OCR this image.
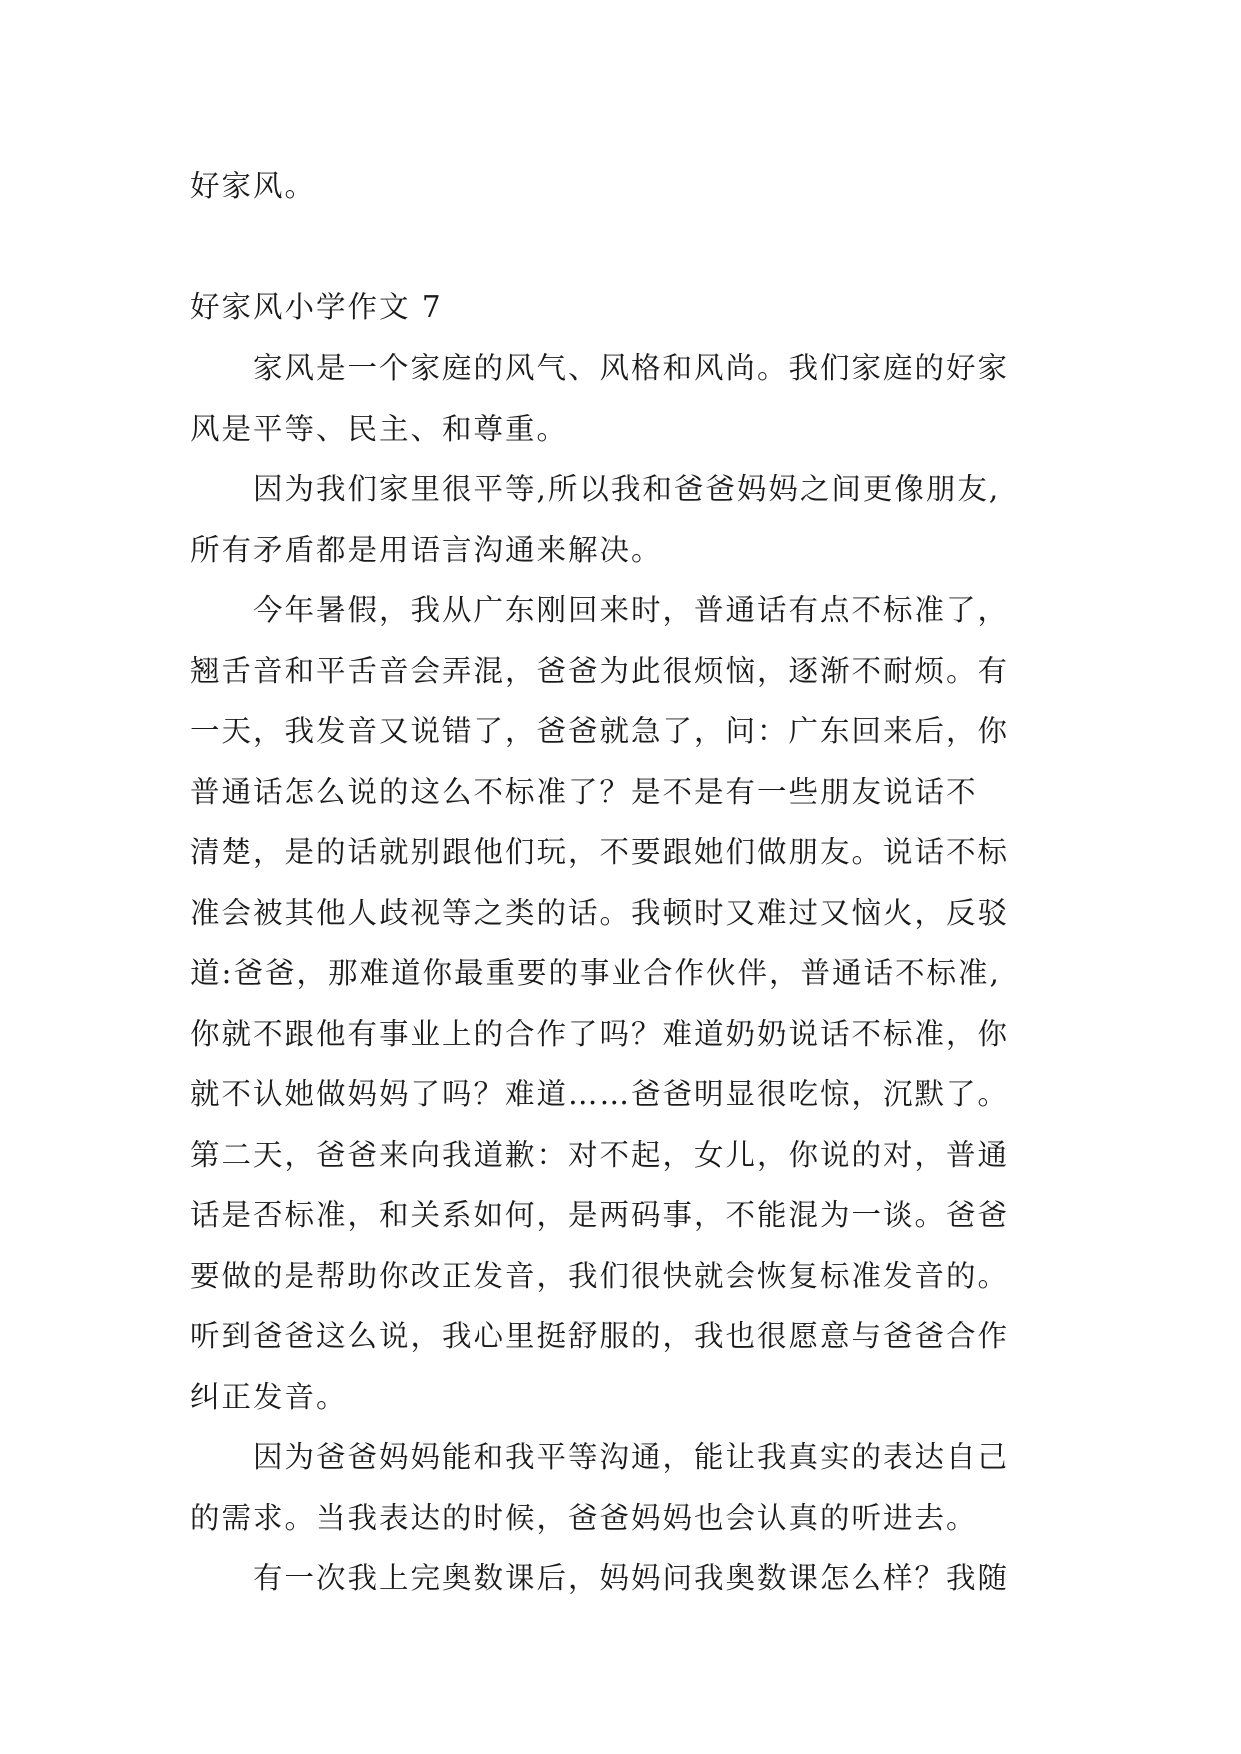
好家风。
好家风小学作文 7
　　家风是一个家庭的风气、风格和风尚。我们家庭的好家
风是平等、民主、和尊重。
　　因为我们家里很平等,所以我和爸爸妈妈之间更像朋友,
所有矛盾都是用语言沟通来解决。
　　今年暑假，我从广东刚回来时，普通话有点不标准了，
翘舌音和平舌音会弄混，爸爸为此很烦恼，逐渐不耐烦。有
一天，我发音又说错了，爸爸就急了，问：广东回来后，你
普通话怎么说的这么不标准了？是不是有一些朋友说话不
清楚，是的话就别跟他们玩，不要跟她们做朋友。说话不标
准会被其他人歧视等之类的话。我顿时又难过又恼火，反驳
道:爸爸，那难道你最重要的事业合作伙伴，普通话不标准,
你就不跟他有事业上的合作了吗？难道奶奶说话不标准，你
就不认她做妈妈了吗？难道……爸爸明显很吃惊，沉默了。
第二天，爸爸来向我道歉：对不起，女儿，你说的对，普通
话是否标准，和关系如何，是两码事，不能混为一谈。爸爸
要做的是帮助你改正发音，我们很快就会恢复标准发音的。
听到爸爸这么说，我心里挺舒服的，我也很愿意与爸爸合作
纠正发音。
　　因为爸爸妈妈能和我平等沟通，能让我真实的表达自己
的需求。当我表达的时候，爸爸妈妈也会认真的听进去。
　　有一次我上完奥数课后，妈妈问我奥数课怎么样？我随
